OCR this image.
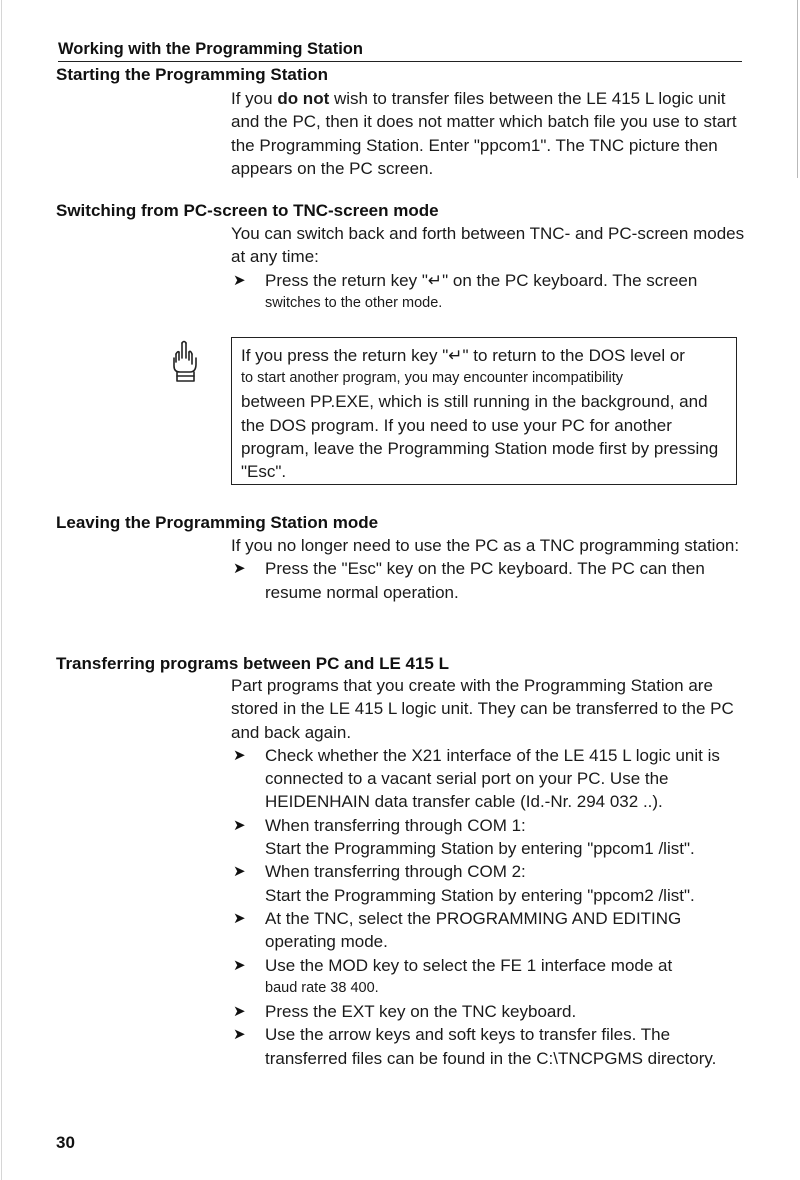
Working with the Programming Station
Starting the Programming Station

If you do not wish to transfer files between the LE 415 L logic unit and the PC, then it does not matter which batch file you use to start the Programming Station. Enter "ppcom1". The TNC picture then appears on the PC screen.

Switching from PC-screen to TNC-screen mode

You can switch back and forth between TNC- and PC-screen modes at any time:

➤ Press the return key "↵" on the PC keyboard. The screen

switches to the other mode.

If you press the return key "↵" to return to the DOS level or

to start another program, you may encounter incompatibility

between PP.EXE, which is still running in the background, and the DOS program. If you need to use your PC for another program, leave the Programming Station mode first by pressing "Esc".

Leaving the Programming Station mode

If you no longer need to use the PC as a TNC programming station:

➤ Press the "Esc" key on the PC keyboard. The PC can then resume normal operation.

Transferring programs between PC and LE 415 L

Part programs that you create with the Programming Station are stored in the LE 415 L logic unit. They can be transferred to the PC and back again.

➤ Check whether the X21 interface of the LE 415 L logic unit is connected to a vacant serial port on your PC. Use the HEIDENHAIN data transfer cable (Id.-Nr. 294 032 ..).

➤ When transferring through COM 1:

Start the Programming Station by entering "ppcom1 /list".

➤ When transferring through COM 2:

Start the Programming Station by entering "ppcom2 /list".

➤ At the TNC, select the PROGRAMMING AND EDITING operating mode.

➤ Use the MOD key to select the FE 1 interface mode at

baud rate 38 400.

➤ Press the EXT key on the TNC keyboard.

➤ Use the arrow keys and soft keys to transfer files. The transferred files can be found in the C:\TNCPGMS directory.

30
